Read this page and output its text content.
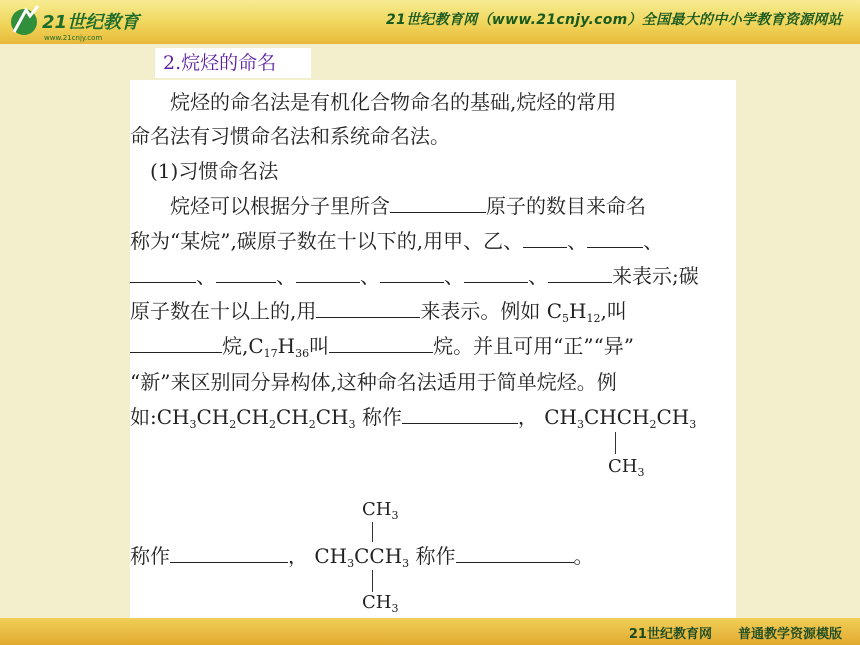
21世纪教育
www.21cnjy.com
21世纪教育网（www.21cnjy.com）全国最大的中小学教育资源网站
2.烷烃的命名
　　烷烃的命名法是有机化合物命名的基础,烷烃的常用
命名法有习惯命名法和系统命名法。
　(1)习惯命名法
　　烷烃可以根据分子里所含	原子的数目来命名
称为“某烷”,碳原子数在十以下的,用甲、乙、 、	、
、	、	、	、	、	来表示;碳
原子数在十以上的,用	来表示。例如 $C_5H_{12}$,叫
烷$,C_{17}H_{36}$叫	烷。并且可用“正”“异”
“新”来区别同分异构体,这种命名法适用于简单烷烃。例
如$:CH_3CH_2CH_2CH_2CH_3$ 称作	， $CH_3CHCH_2CH_3$
$CH_3$
$CH_3$
称作	， $CH_3CCH_3$ 称作	。
$CH_3$
21世纪教育网 普通教学资源模版
